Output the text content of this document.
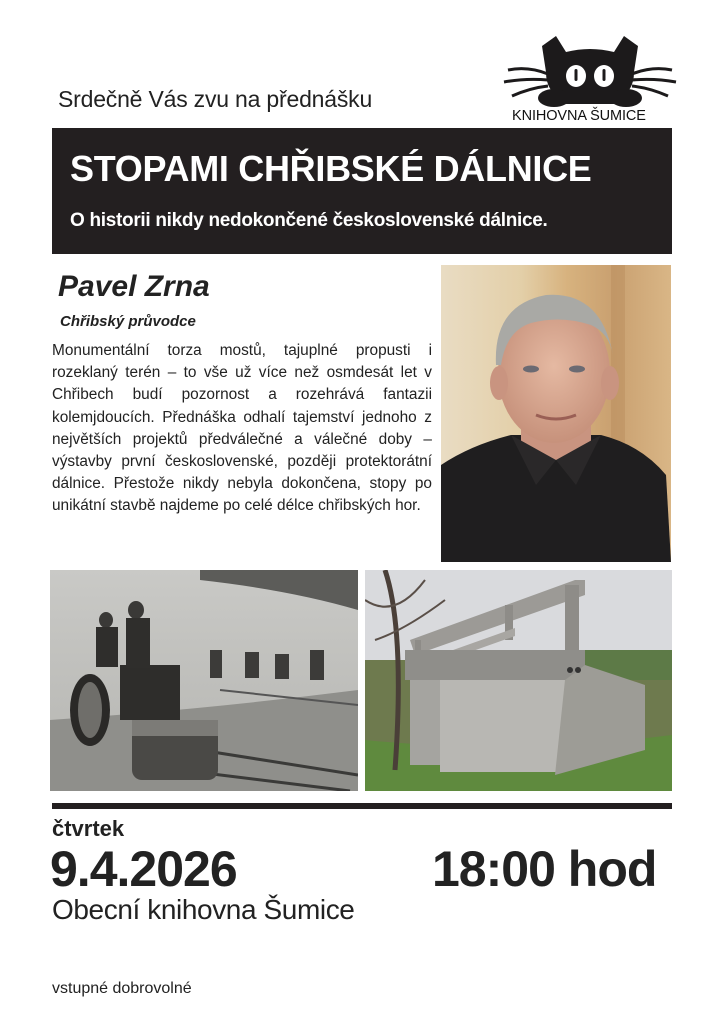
Srdečně Vás zvu na přednášku
KNIHOVNA ŠUMICE
STOPAMI CHŘIBSKÉ DÁLNICE
O historii nikdy nedokončené československé dálnice.
Pavel Zrna
Chřibský průvodce
Monumentální torza mostů, tajuplné propusti i rozeklaný terén – to vše už více než osmdesát let v Chřibech budí pozornost a rozehrává fantazii kolemjdoucích. Přednáška odhalí tajemství jednoho z největších projektů předválečné a válečné doby – výstavby první československé, později protektorátní dálnice. Přestože nikdy nebyla dokončena, stopy po unikátní stavbě najdeme po celé délce chřibských hor.
čtvrtek
9.4.2026	18:00 hod
Obecní knihovna Šumice
vstupné dobrovolné
